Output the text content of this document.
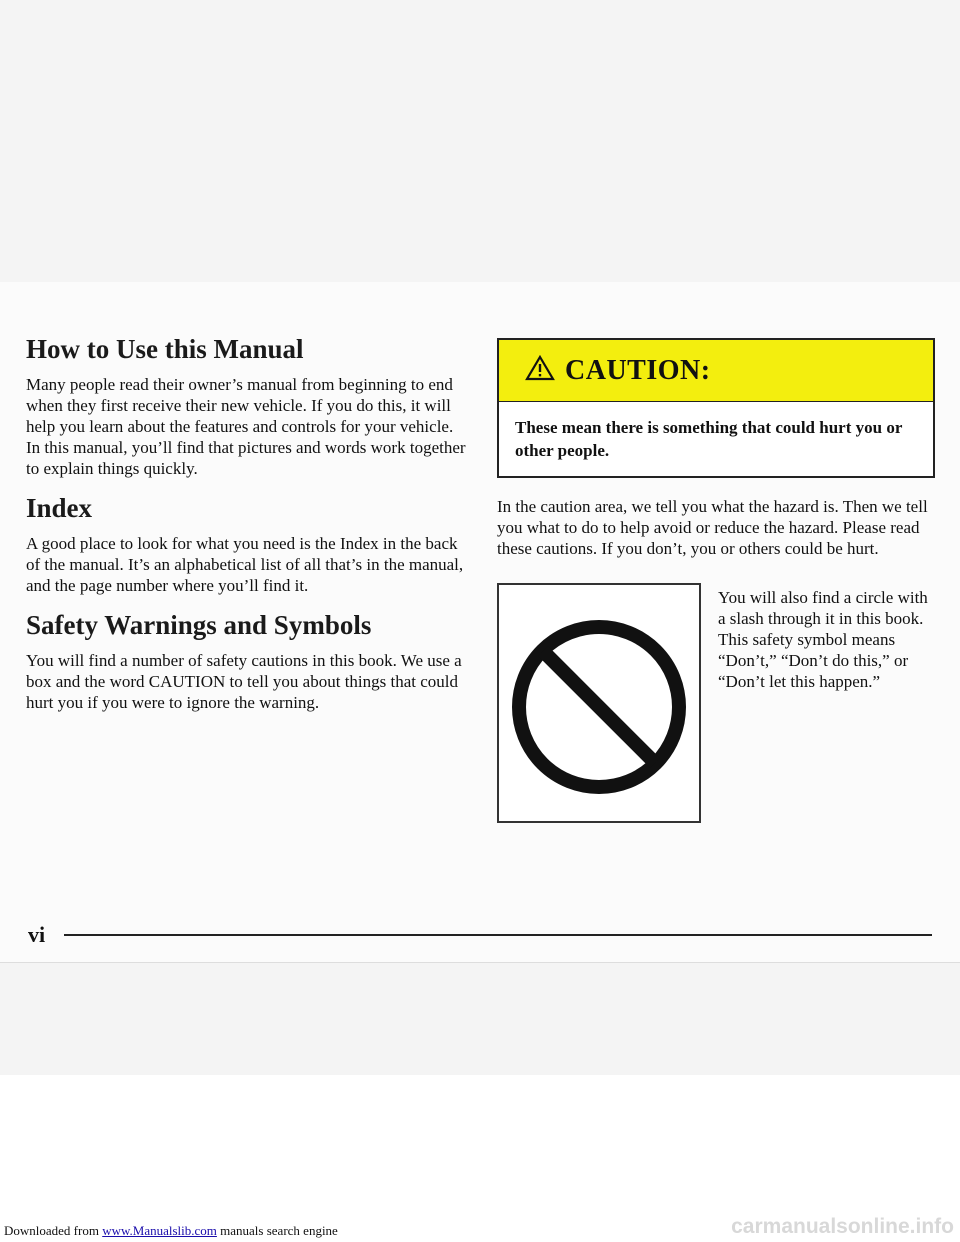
How to Use this Manual

Many people read their owner’s manual from beginning to end when they first receive their new vehicle. If you do this, it will help you learn about the features and controls for your vehicle. In this manual, you’ll find that pictures and words work together to explain things quickly.

Index

A good place to look for what you need is the Index in the back of the manual. It’s an alphabetical list of all that’s in the manual, and the page number where you’ll find it.

Safety Warnings and Symbols

You will find a number of safety cautions in this book. We use a box and the word CAUTION to tell you about things that could hurt you if you were to ignore the warning.

CAUTION:
These mean there is something that could hurt you or other people.

In the caution area, we tell you what the hazard is. Then we tell you what to do to help avoid or reduce the hazard. Please read these cautions. If you don’t, you or others could be hurt.

You will also find a circle with a slash through it in this book. This safety symbol means “Don’t,” “Don’t do this,” or “Don’t let this happen.”

vi
Downloaded from www.Manualslib.com manuals search engine	carmanualsonline.info
